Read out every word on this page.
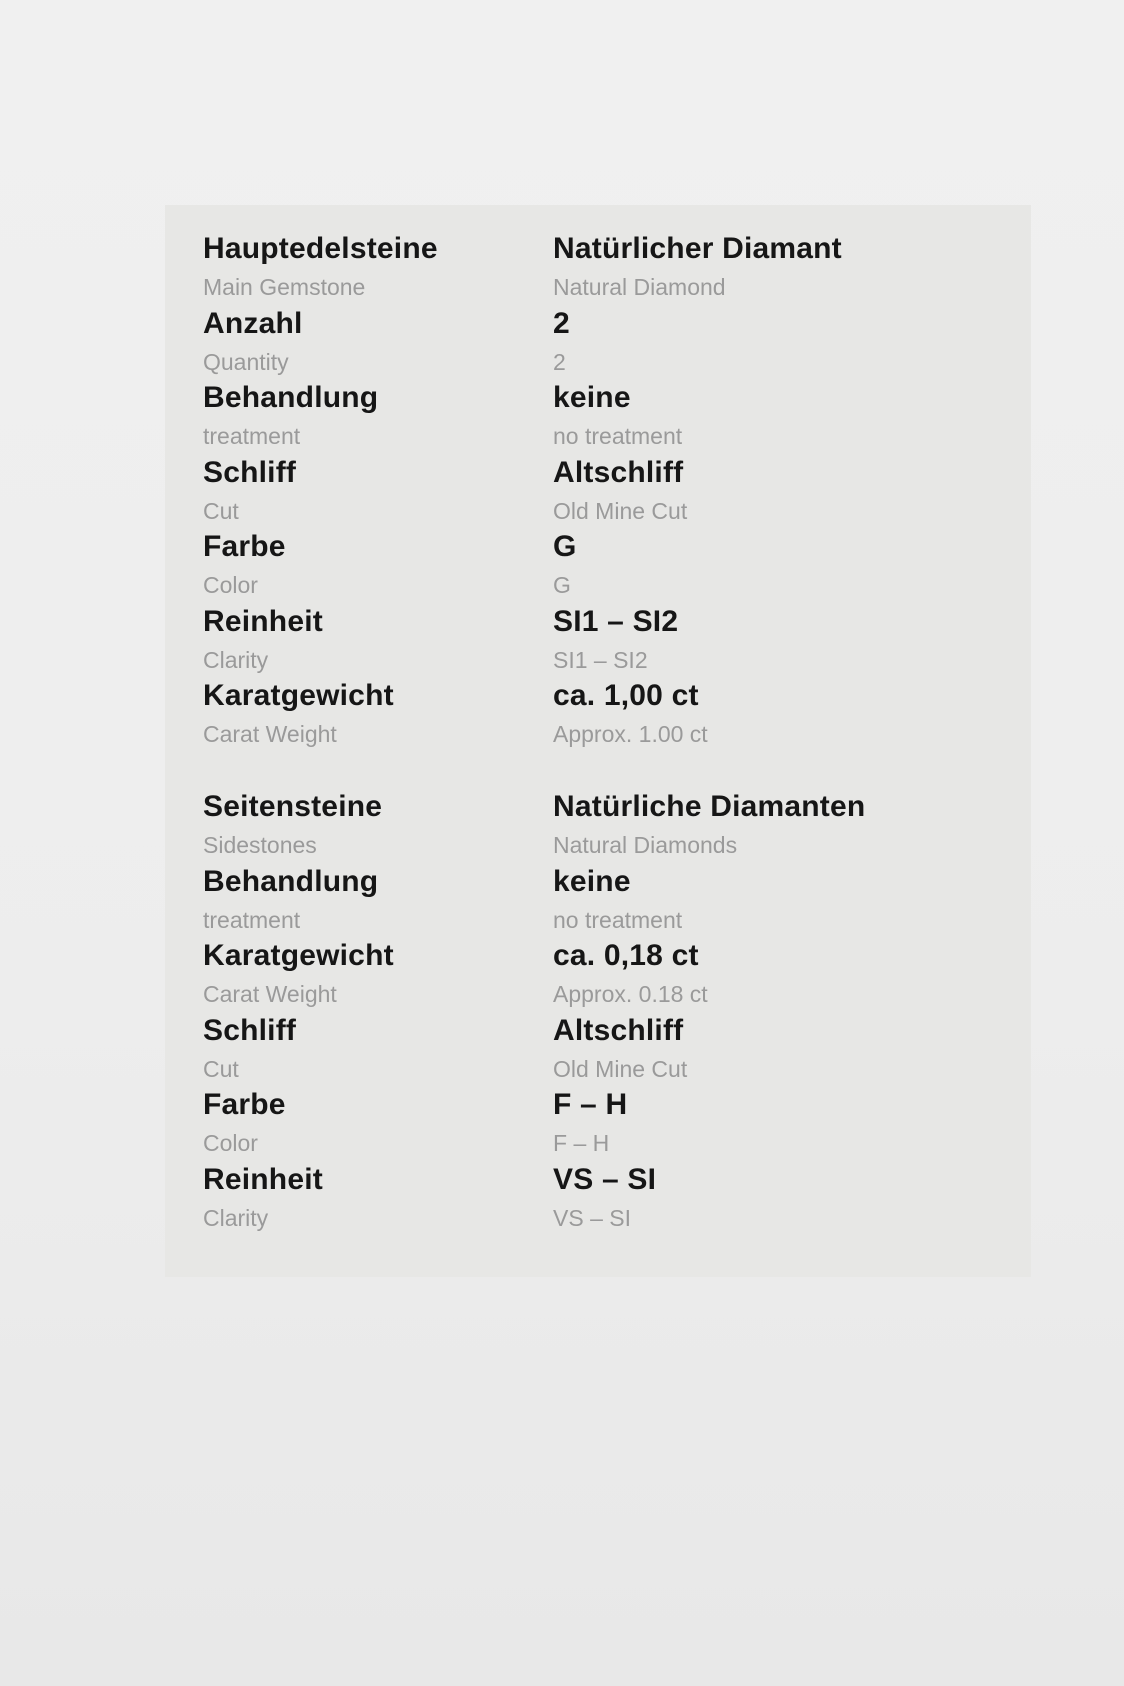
Hauptedelsteine
Main Gemstone
Natürlicher Diamant
Natural Diamond
Anzahl
Quantity
2
2
Behandlung
treatment
keine
no treatment
Schliff
Cut
Altschliff
Old Mine Cut
Farbe
Color
G
G
Reinheit
Clarity
SI1 – SI2
SI1 – SI2
Karatgewicht
Carat Weight
ca. 1,00 ct
Approx. 1.00 ct
Seitensteine
Sidestones
Natürliche Diamanten
Natural Diamonds
Behandlung
treatment
keine
no treatment
Karatgewicht
Carat Weight
ca. 0,18 ct
Approx. 0.18 ct
Schliff
Cut
Altschliff
Old Mine Cut
Farbe
Color
F – H
F – H
Reinheit
Clarity
VS – SI
VS – SI
